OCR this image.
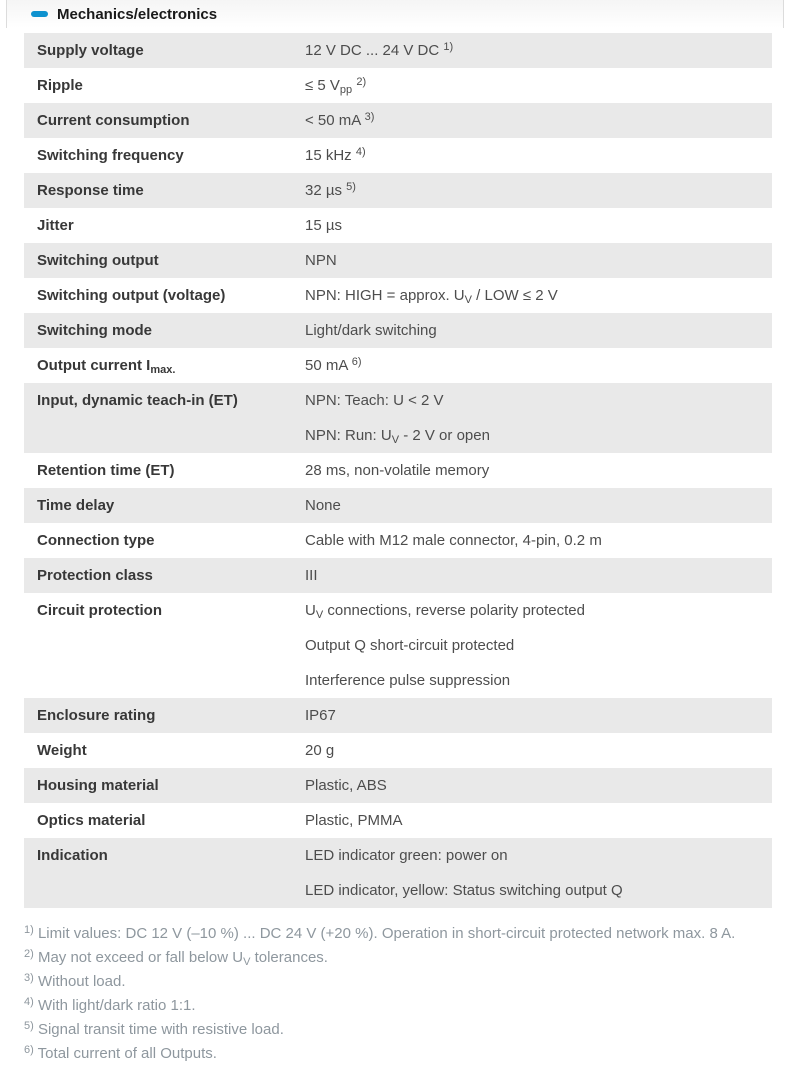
Mechanics/electronics
Supply voltage	12 V DC ... 24 V DC $^{1)}$

Ripple	≤ 5 $V_{pp}$ $^{2)}$

Current consumption	< 50 mA $^{3)}$

Switching frequency	15 kHz $^{4)}$

Response time	32 µs $^{5)}$

Jitter	15 µs

Switching output	NPN

Switching output (voltage)	NPN: HIGH = approx. $U_V$ / LOW ≤ 2 V

Switching mode	Light/dark switching

Output current $I_{max.}$	50 mA $^{6)}$

Input, dynamic teach-in (ET)	NPN: Teach: U < 2 V

NPN: Run: $U_V - 2$ V or open

Retention time (ET)	28 ms, non-volatile memory

Time delay	None

Connection type	Cable with M12 male connector, 4-pin, 0.2 m

Protection class	III

Circuit protection	$U_V$ connections, reverse polarity protected

Output Q short-circuit protected

Interference pulse suppression

Enclosure rating	IP67

Weight	20 g

Housing material	Plastic, ABS

Optics material	Plastic, PMMA

Indication	LED indicator green: power on

LED indicator, yellow: Status switching output Q

$^{1)}$ Limit values: DC 12 V (–10 %) ... DC 24 V (+20 %). Operation in short-circuit protected network max. 8 A.
$^{2)}$ May not exceed or fall below $U_V$ tolerances.
$^{3)}$ Without load.
$^{4)}$ With light/dark ratio 1:1.
$^{5)}$ Signal transit time with resistive load.
$^{6)}$ Total current of all Outputs.
